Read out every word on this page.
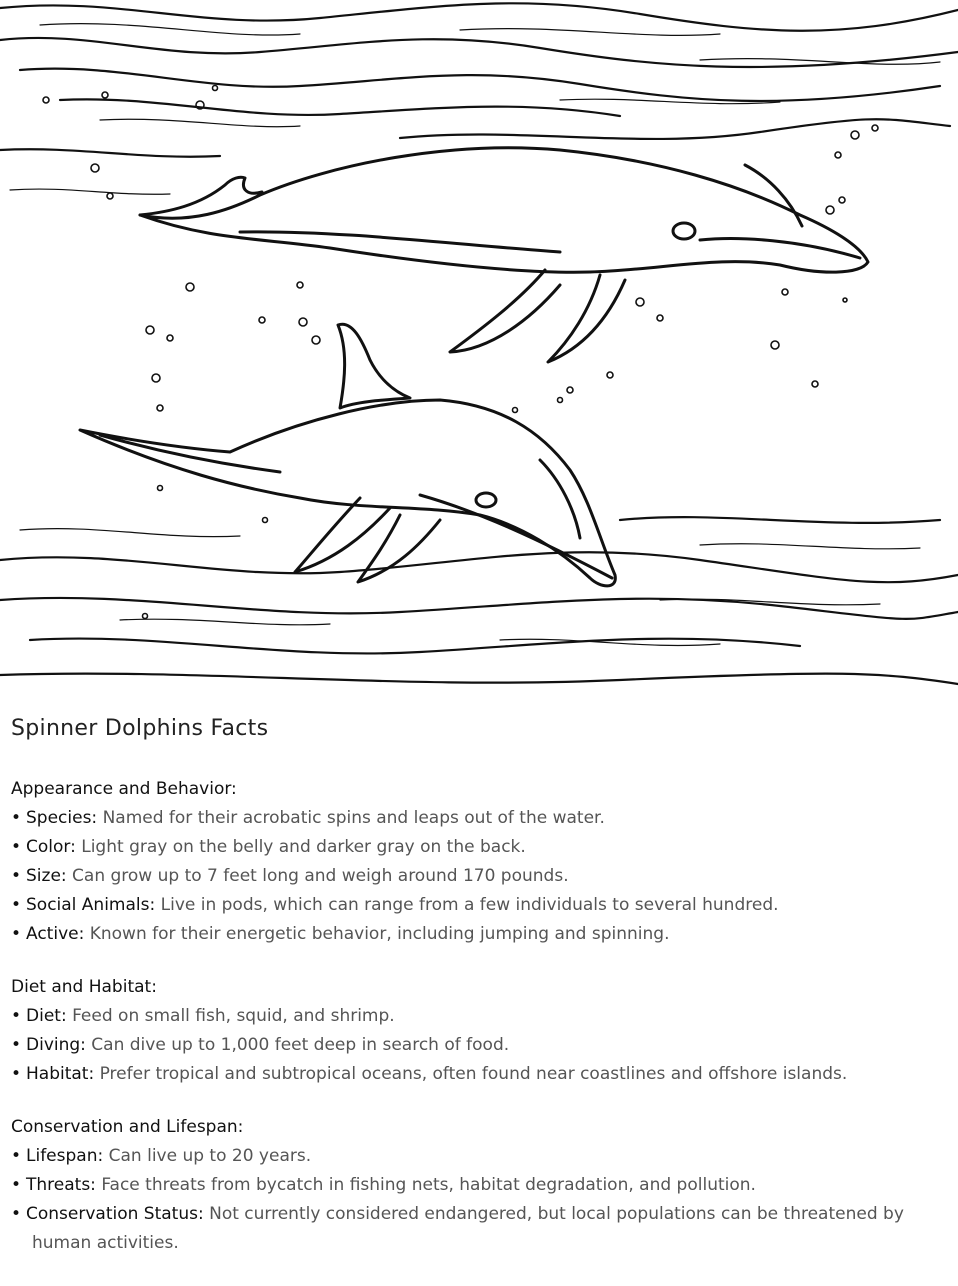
Spinner Dolphins Facts
Appearance and Behavior:
• Species: Named for their acrobatic spins and leaps out of the water.
• Color: Light gray on the belly and darker gray on the back.
• Size: Can grow up to 7 feet long and weigh around 170 pounds.
• Social Animals: Live in pods, which can range from a few individuals to several hundred.
• Active: Known for their energetic behavior, including jumping and spinning.
Diet and Habitat:
• Diet: Feed on small fish, squid, and shrimp.
• Diving: Can dive up to 1,000 feet deep in search of food.
• Habitat: Prefer tropical and subtropical oceans, often found near coastlines and offshore islands.
Conservation and Lifespan:
• Lifespan: Can live up to 20 years.
• Threats: Face threats from bycatch in fishing nets, habitat degradation, and pollution.
• Conservation Status: Not currently considered endangered, but local populations can be threatened by human activities.
